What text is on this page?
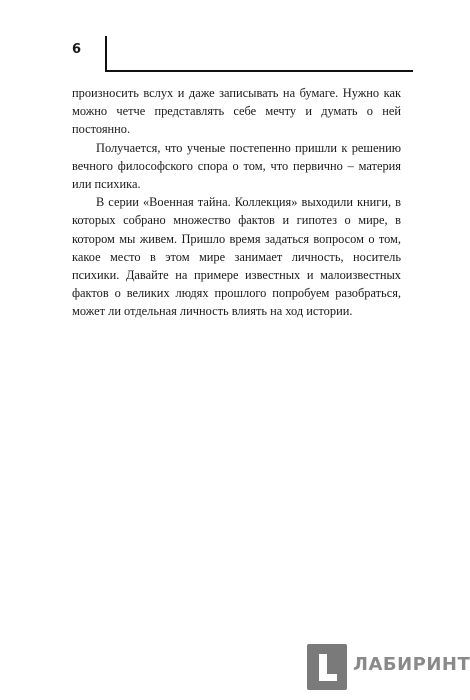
6

произносить вслух и даже записывать на бумаге. Нужно как можно четче представлять себе мечту и думать о ней постоянно.

Получается, что ученые постепенно пришли к решению вечного философского спора о том, что первично – материя или психика.

В серии «Военная тайна. Коллекция» выходили книги, в которых собрано множество фактов и гипотез о мире, в котором мы живем. Пришло время задаться вопросом о том, какое место в этом мире занимает личность, носитель психики. Давайте на примере известных и малоизвестных фактов о великих людях прошлого попробуем разобраться, может ли отдельная личность влиять на ход истории.

ЛАБИРИНТ
